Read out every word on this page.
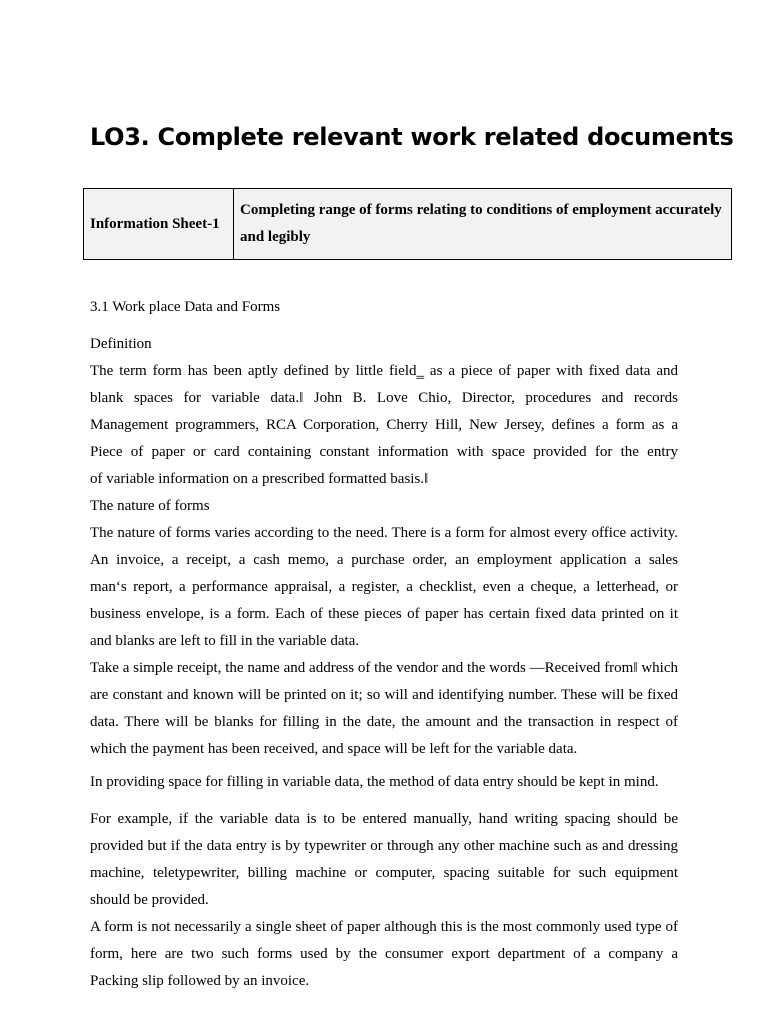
LO3. Complete relevant work related documents
Information Sheet-1	Completing range of forms relating to conditions of employment accurately and legibly
3.1 Work place Data and Forms
Definition
The term form has been aptly defined by little field‗ as a piece of paper with fixed data and
blank spaces for variable data.‖ John B. Love Chio, Director, procedures and records
Management programmers, RCA Corporation, Cherry Hill, New Jersey, defines a form as a
Piece of paper or card containing constant information with space provided for the entry
of variable information on a prescribed formatted basis.‖
The nature of forms
The nature of forms varies according to the need. There is a form for almost every office activity.
An invoice, a receipt, a cash memo, a purchase order, an employment application a sales
man‘s report, a performance appraisal, a register, a checklist, even a cheque, a letterhead, or
business envelope, is a form. Each of these pieces of paper has certain fixed data printed on it
and blanks are left to fill in the variable data.
Take a simple receipt, the name and address of the vendor and the words —Received from‖ which
are constant and known will be printed on it; so will and identifying number. These will be fixed
data. There will be blanks for filling in the date, the amount and the transaction in respect of
which the payment has been received, and space will be left for the variable data.
In providing space for filling in variable data, the method of data entry should be kept in mind.
For example, if the variable data is to be entered manually, hand writing spacing should be
provided but if the data entry is by typewriter or through any other machine such as and dressing
machine, teletypewriter, billing machine or computer, spacing suitable for such equipment
should be provided.
A form is not necessarily a single sheet of paper although this is the most commonly used type of
form, here are two such forms used by the consumer export department of a company a
Packing slip followed by an invoice.
